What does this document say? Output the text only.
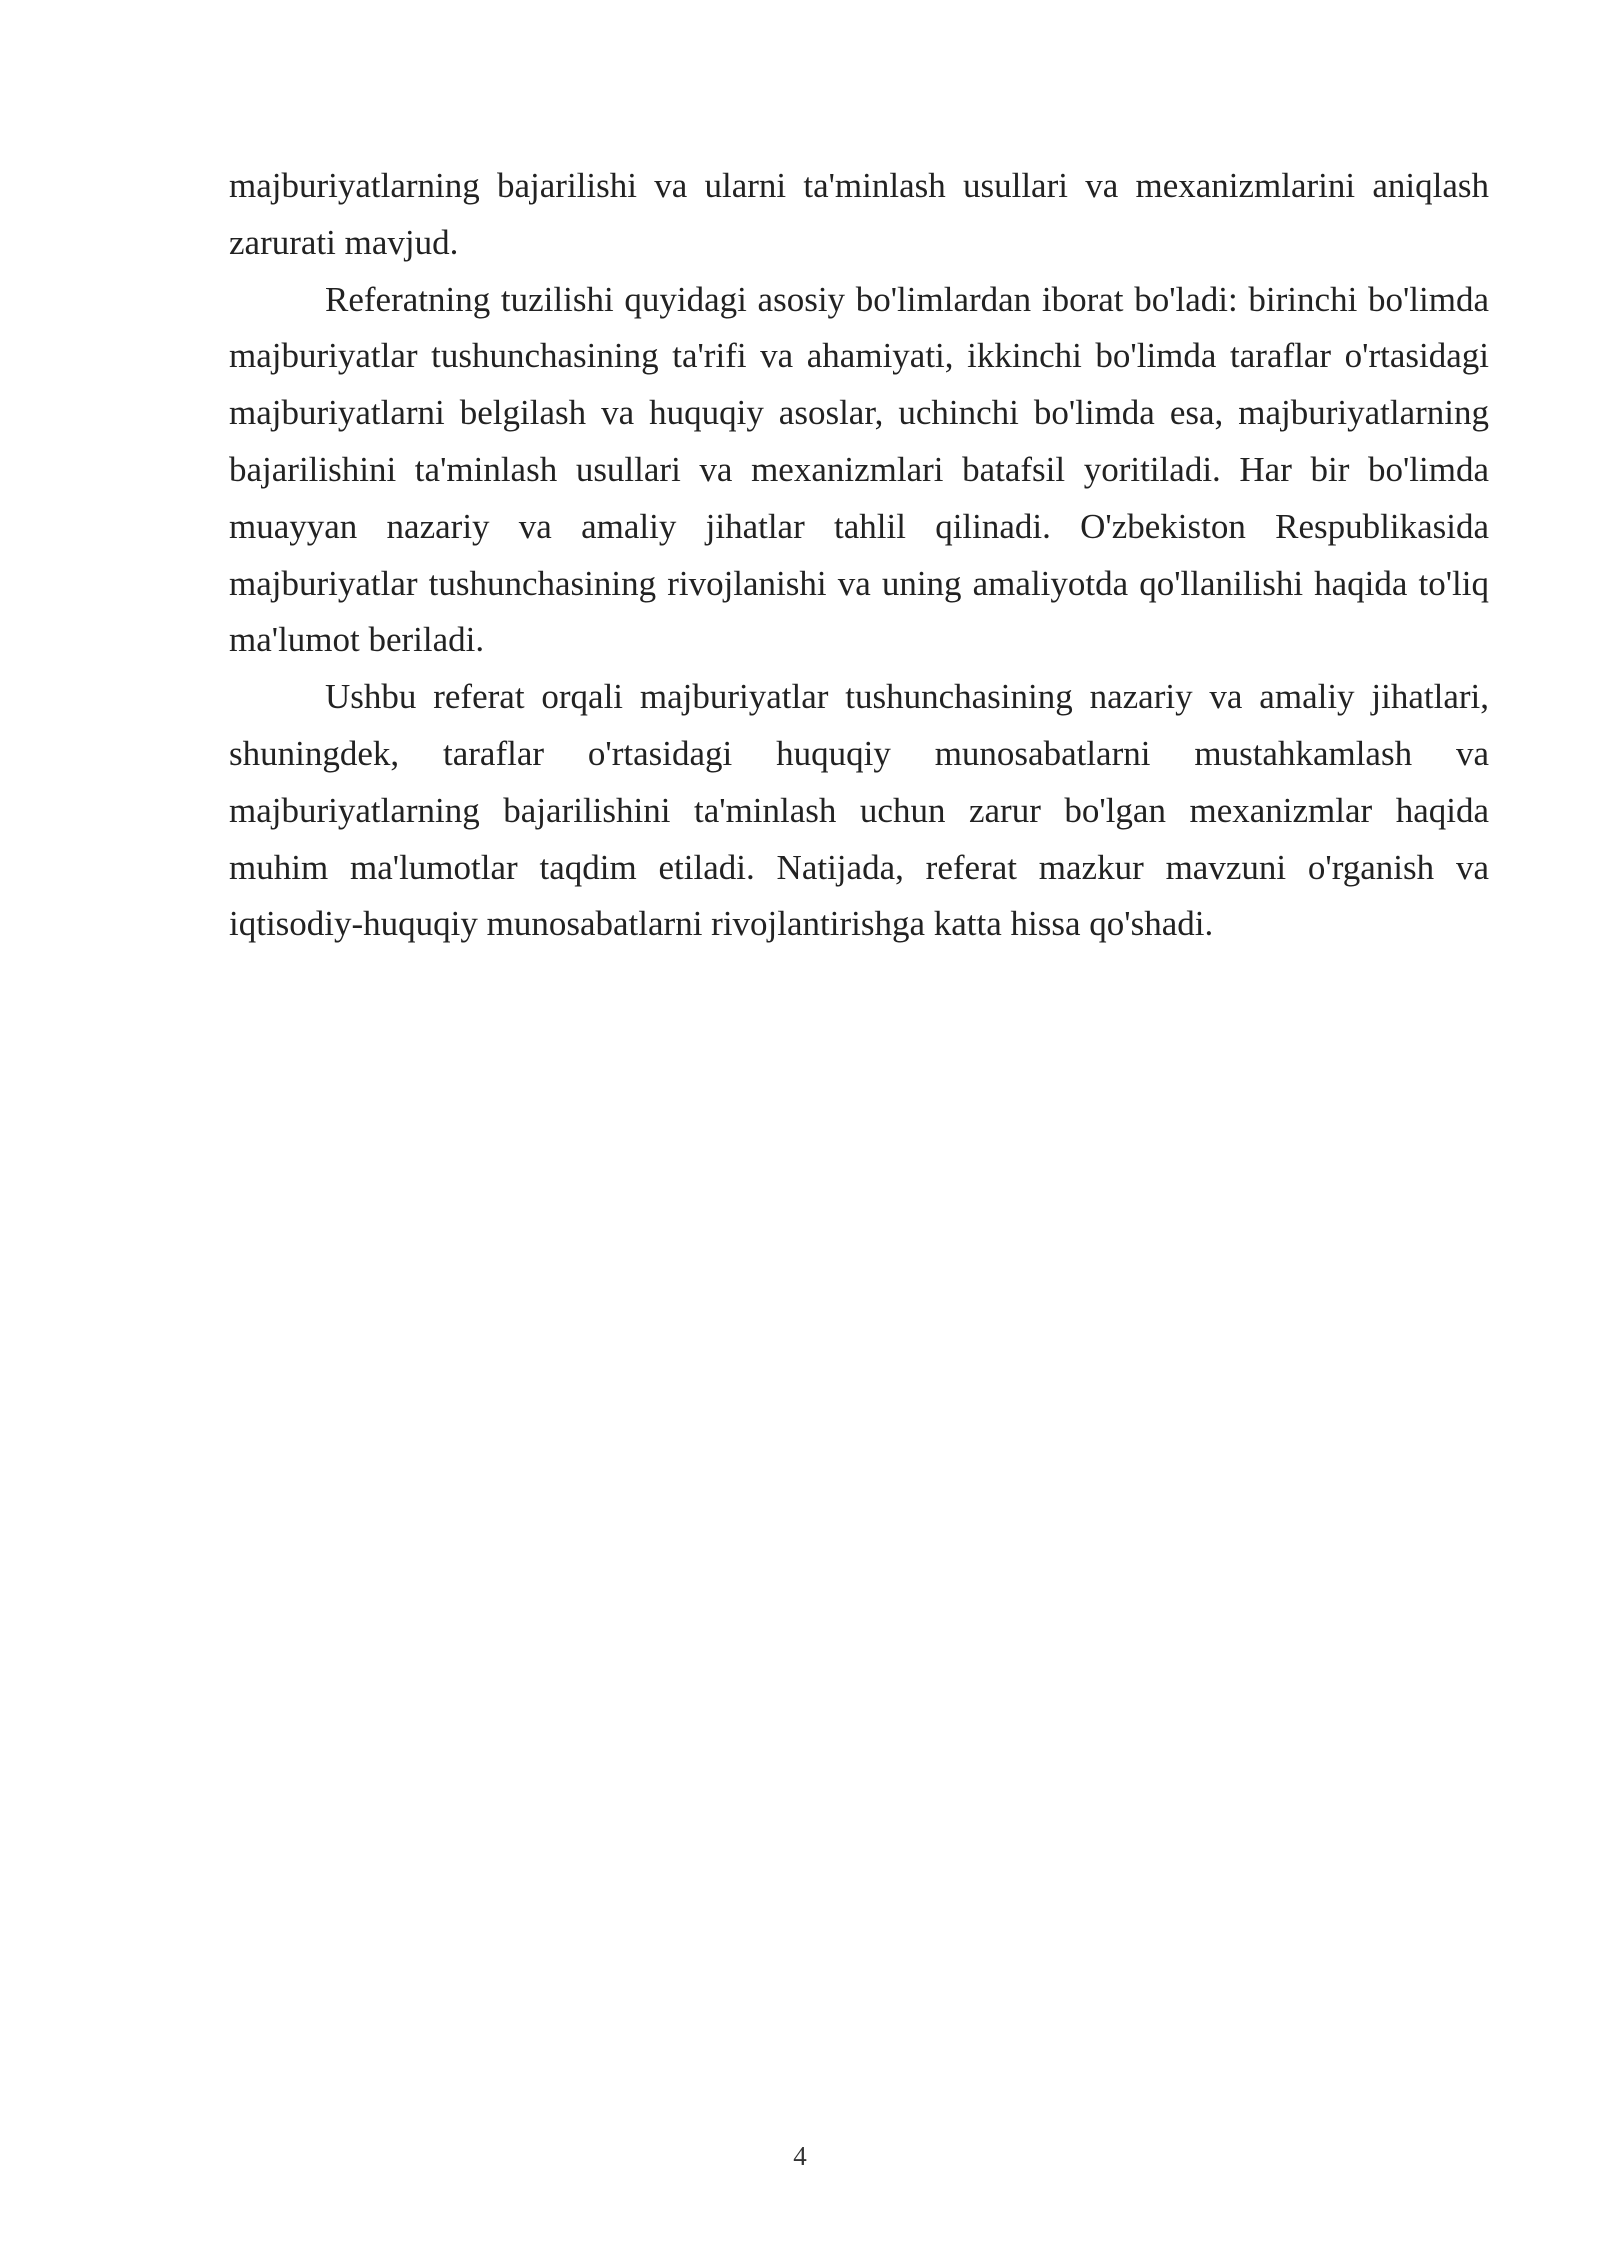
majburiyatlarning bajarilishi va ularni ta'minlash usullari va mexanizmlarini aniqlash zarurati mavjud.

Referatning tuzilishi quyidagi asosiy bo'limlardan iborat bo'ladi: birinchi bo'limda majburiyatlar tushunchasining ta'rifi va ahamiyati, ikkinchi bo'limda taraflar o'rtasidagi majburiyatlarni belgilash va huquqiy asoslar, uchinchi bo'limda esa, majburiyatlarning bajarilishini ta'minlash usullari va mexanizmlari batafsil yoritiladi. Har bir bo'limda muayyan nazariy va amaliy jihatlar tahlil qilinadi. O'zbekiston Respublikasida majburiyatlar tushunchasining rivojlanishi va uning amaliyotda qo'llanilishi haqida to'liq ma'lumot beriladi.

Ushbu referat orqali majburiyatlar tushunchasining nazariy va amaliy jihatlari, shuningdek, taraflar o'rtasidagi huquqiy munosabatlarni mustahkamlash va majburiyatlarning bajarilishini ta'minlash uchun zarur bo'lgan mexanizmlar haqida muhim ma'lumotlar taqdim etiladi. Natijada, referat mazkur mavzuni o'rganish va iqtisodiy-huquqiy munosabatlarni rivojlantirishga katta hissa qo'shadi.

4
